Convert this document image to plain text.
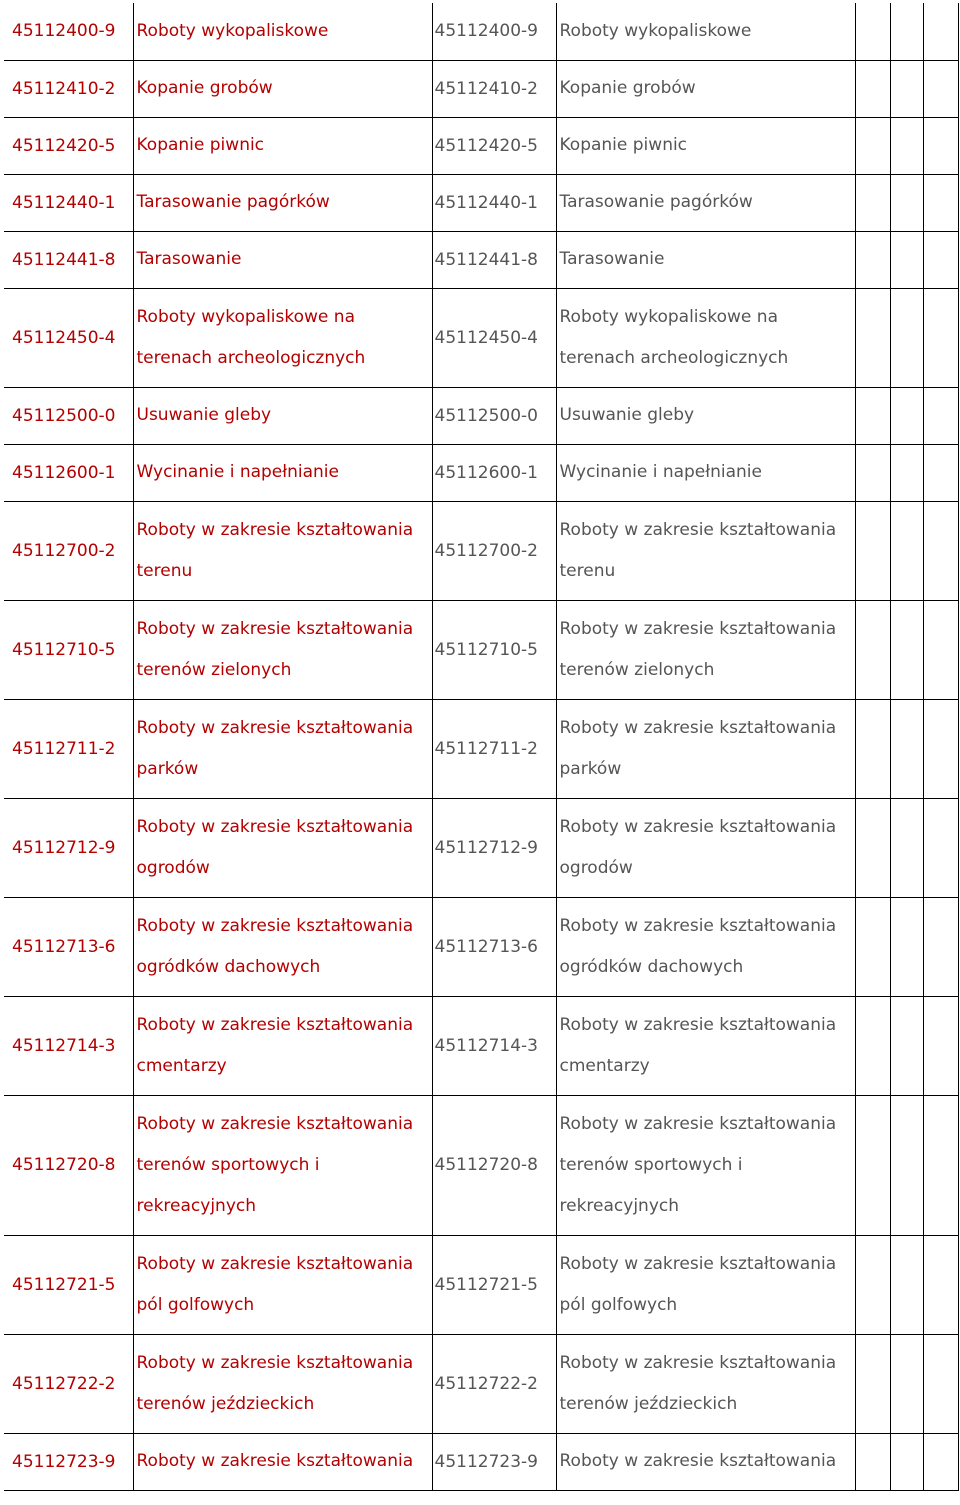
45112400-9	Roboty wykopaliskowe	45112400-9	Roboty wykopaliskowe			

45112410-2	Kopanie grobów	45112410-2	Kopanie grobów			

45112420-5	Kopanie piwnic	45112420-5	Kopanie piwnic			

45112440-1	Tarasowanie pagórków	45112440-1	Tarasowanie pagórków			

45112441-8	Tarasowanie	45112441-8	Tarasowanie			

45112450-4	Roboty wykopaliskowe na
terenach archeologicznych	45112450-4	Roboty wykopaliskowe na
terenach archeologicznych			

45112500-0	Usuwanie gleby	45112500-0	Usuwanie gleby			

45112600-1	Wycinanie i napełnianie	45112600-1	Wycinanie i napełnianie			

45112700-2	Roboty w zakresie kształtowania
terenu	45112700-2	Roboty w zakresie kształtowania
terenu			

45112710-5	Roboty w zakresie kształtowania
terenów zielonych	45112710-5	Roboty w zakresie kształtowania
terenów zielonych			

45112711-2	Roboty w zakresie kształtowania
parków	45112711-2	Roboty w zakresie kształtowania
parków			

45112712-9	Roboty w zakresie kształtowania
ogrodów	45112712-9	Roboty w zakresie kształtowania
ogrodów			

45112713-6	Roboty w zakresie kształtowania
ogródków dachowych	45112713-6	Roboty w zakresie kształtowania
ogródków dachowych			

45112714-3	Roboty w zakresie kształtowania
cmentarzy	45112714-3	Roboty w zakresie kształtowania
cmentarzy			

45112720-8	Roboty w zakresie kształtowania
terenów sportowych i
rekreacyjnych	45112720-8	Roboty w zakresie kształtowania
terenów sportowych i
rekreacyjnych			

45112721-5	Roboty w zakresie kształtowania
pól golfowych	45112721-5	Roboty w zakresie kształtowania
pól golfowych			

45112722-2	Roboty w zakresie kształtowania
terenów jeździeckich	45112722-2	Roboty w zakresie kształtowania
terenów jeździeckich			

45112723-9	Roboty w zakresie kształtowania	45112723-9	Roboty w zakresie kształtowania			
